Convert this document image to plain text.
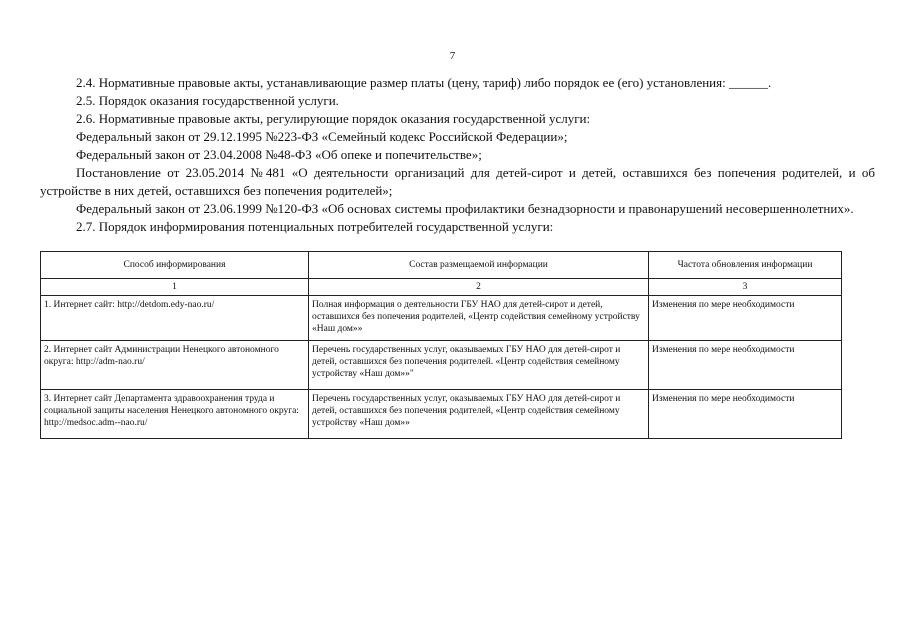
7

2.4. Нормативные правовые акты, устанавливающие размер платы (цену, тариф) либо порядок ее (его) установления: ______.

2.5. Порядок оказания государственной услуги.

2.6. Нормативные правовые акты, регулирующие порядок оказания государственной услуги:

Федеральный закон от 29.12.1995 №223-ФЗ «Семейный кодекс Российской Федерации»;

Федеральный закон от 23.04.2008 №48-ФЗ «Об опеке и попечительстве»;

Постановление от 23.05.2014 №481 «О деятельности организаций для детей-сирот и детей, оставшихся без попечения родителей, и об устройстве в них детей, оставшихся без попечения родителей»;

Федеральный закон от 23.06.1999 №120-ФЗ «Об основах системы профилактики безнадзорности и правонарушений несовершеннолетних».

2.7. Порядок информирования потенциальных потребителей государственной услуги:

Способ информирования	Состав размещаемой информации	Частота обновления информации
1	2	3
1. Интернет сайт: http://detdom.edy-nao.ru/	Полная информация о деятельности ГБУ НАО для детей-сирот и детей, оставшихся без попечения родителей, «Центр содействия семейному устройству «Наш дом»»	Изменения по мере необходимости
2. Интернет сайт Администрации Ненецкого автономного округа: http://adm-nao.ru/	Перечень государственных услуг, оказываемых ГБУ НАО для детей-сирот и детей, оставшихся без попечения родителей. «Центр содействия семейному устройству «Наш дом»»"	Изменения по мере необходимости
3. Интернет сайт Департамента здравоохранения труда и социальной защиты населения Ненецкого автономного округа: http://medsoc.adm--nao.ru/	Перечень государственных услуг, оказываемых ГБУ НАО для детей-сирот и детей, оставшихся без попечения родителей, «Центр содействия семейному устройству «Наш дом»»	Изменения по мере необходимости
